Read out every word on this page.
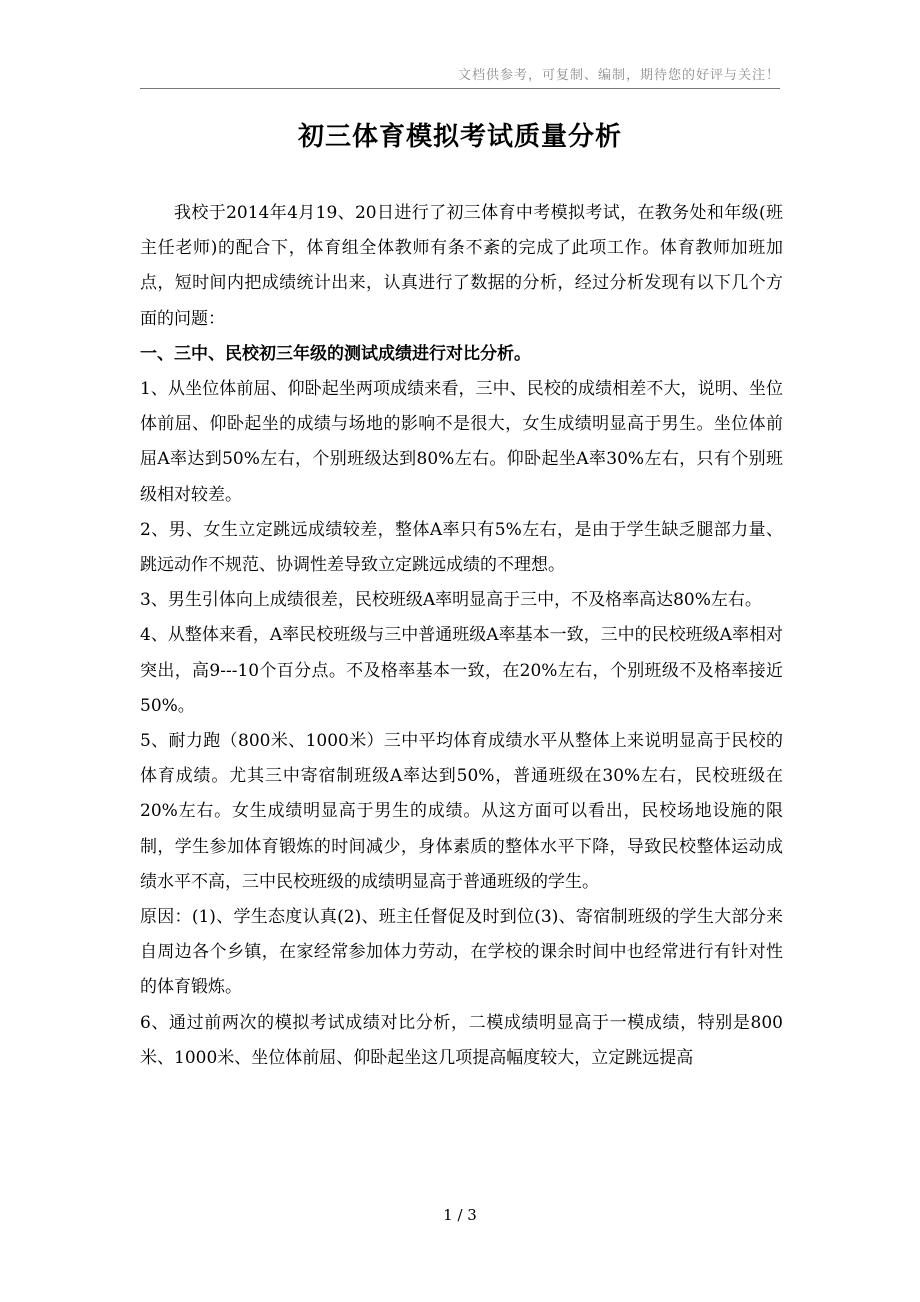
文档供参考，可复制、编制，期待您的好评与关注！
初三体育模拟考试质量分析

我校于2014年4月19、20日进行了初三体育中考模拟考试，在教务处和年级(班主任老师)的配合下，体育组全体教师有条不紊的完成了此项工作。体育教师加班加点，短时间内把成绩统计出来，认真进行了数据的分析，经过分析发现有以下几个方面的问题：

一、三中、民校初三年级的测试成绩进行对比分析。

1、从坐位体前屈、仰卧起坐两项成绩来看，三中、民校的成绩相差不大，说明、坐位体前屈、仰卧起坐的成绩与场地的影响不是很大，女生成绩明显高于男生。坐位体前屈A率达到50%左右，个别班级达到80%左右。仰卧起坐A率30%左右，只有个别班级相对较差。

2、男、女生立定跳远成绩较差，整体A率只有5%左右，是由于学生缺乏腿部力量、跳远动作不规范、协调性差导致立定跳远成绩的不理想。

3、男生引体向上成绩很差，民校班级A率明显高于三中，不及格率高达80%左右。

4、从整体来看，A率民校班级与三中普通班级A率基本一致，三中的民校班级A率相对突出，高9---10个百分点。不及格率基本一致，在20%左右，个别班级不及格率接近50%。

5、耐力跑（800米、1000米）三中平均体育成绩水平从整体上来说明显高于民校的体育成绩。尤其三中寄宿制班级A率达到50%，普通班级在30%左右，民校班级在20%左右。女生成绩明显高于男生的成绩。从这方面可以看出，民校场地设施的限制，学生参加体育锻炼的时间减少，身体素质的整体水平下降，导致民校整体运动成绩水平不高，三中民校班级的成绩明显高于普通班级的学生。

原因：(1)、学生态度认真(2)、班主任督促及时到位(3)、寄宿制班级的学生大部分来自周边各个乡镇，在家经常参加体力劳动，在学校的课余时间中也经常进行有针对性的体育锻炼。

6、通过前两次的模拟考试成绩对比分析，二模成绩明显高于一模成绩，特别是800米、1000米、坐位体前屈、仰卧起坐这几项提高幅度较大，立定跳远提高

1 / 3
